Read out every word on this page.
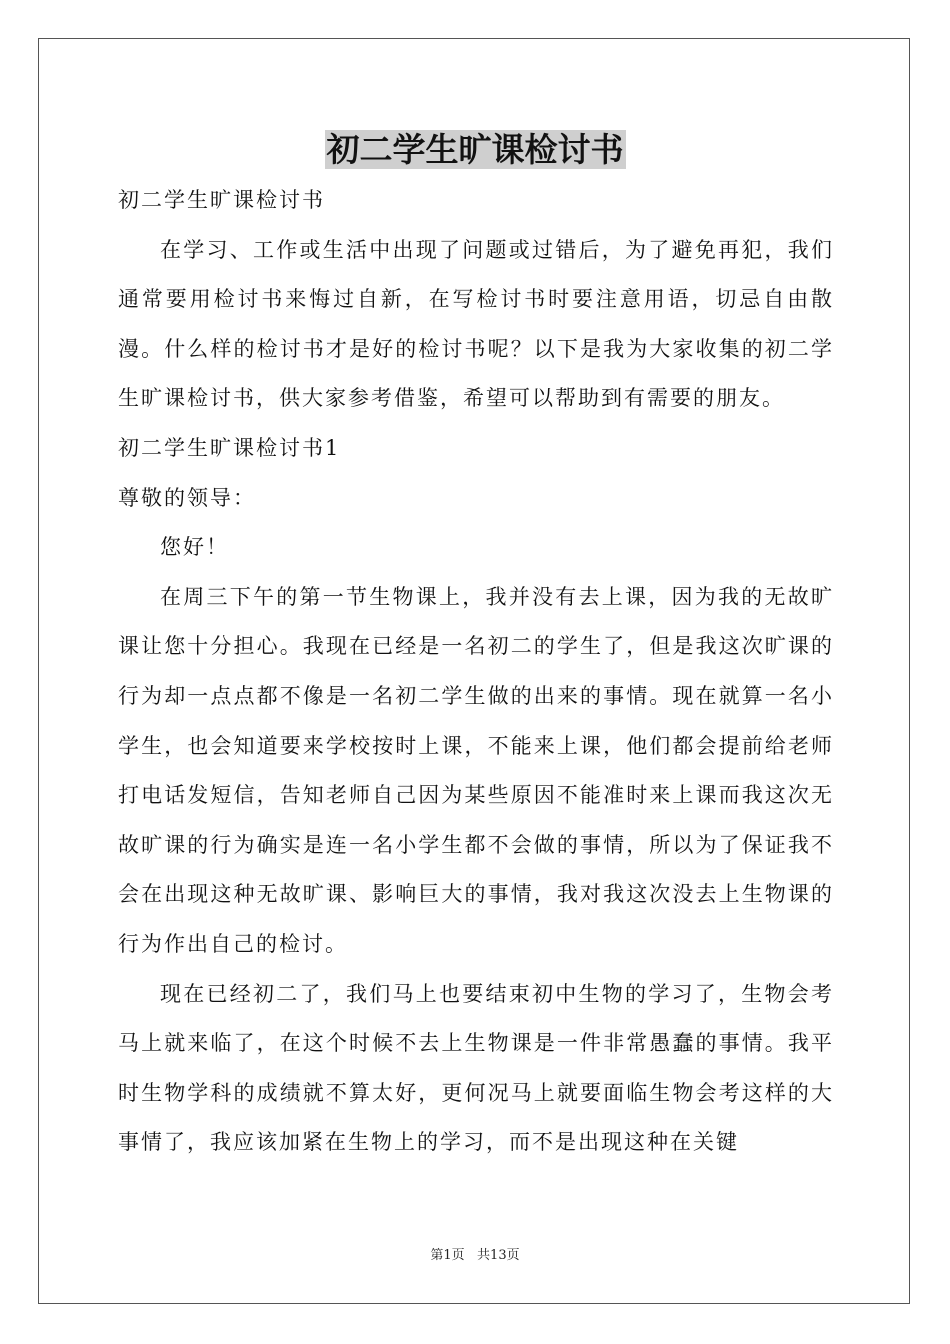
初二学生旷课检讨书

初二学生旷课检讨书

在学习、工作或生活中出现了问题或过错后，为了避免再犯，我们通常要用检讨书来悔过自新，在写检讨书时要注意用语，切忌自由散漫。什么样的检讨书才是好的检讨书呢？以下是我为大家收集的初二学生旷课检讨书，供大家参考借鉴，希望可以帮助到有需要的朋友。

初二学生旷课检讨书1

尊敬的领导：

您好！

在周三下午的第一节生物课上，我并没有去上课，因为我的无故旷课让您十分担心。我现在已经是一名初二的学生了，但是我这次旷课的行为却一点点都不像是一名初二学生做的出来的事情。现在就算一名小学生，也会知道要来学校按时上课，不能来上课，他们都会提前给老师打电话发短信，告知老师自己因为某些原因不能准时来上课而我这次无故旷课的行为确实是连一名小学生都不会做的事情，所以为了保证我不会在出现这种无故旷课、影响巨大的事情，我对我这次没去上生物课的行为作出自己的检讨。

现在已经初二了，我们马上也要结束初中生物的学习了，生物会考马上就来临了，在这个时候不去上生物课是一件非常愚蠢的事情。我平时生物学科的成绩就不算太好，更何况马上就要面临生物会考这样的大事情了，我应该加紧在生物上的学习，而不是出现这种在关键

第1页   共13页
